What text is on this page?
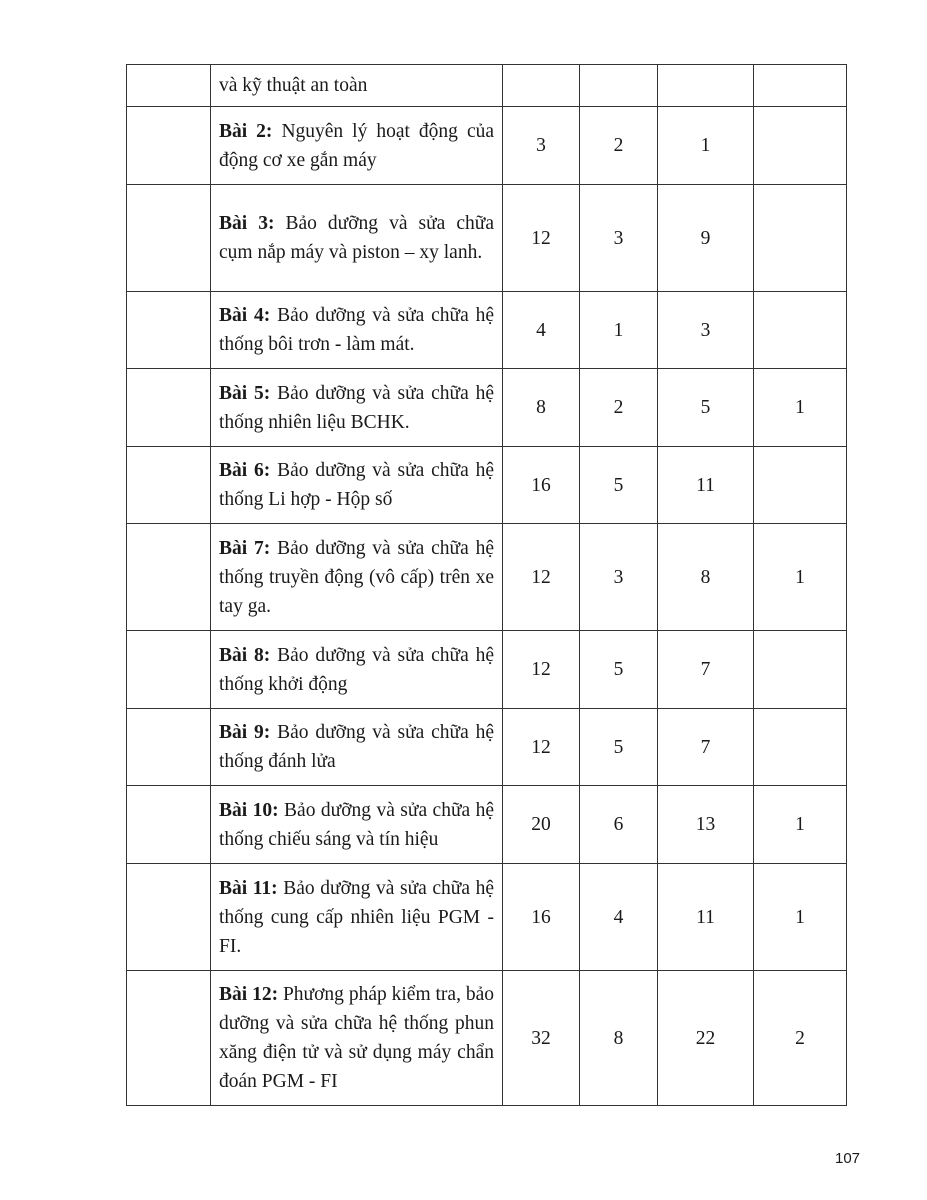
	và kỹ thuật an toàn				

	Bài 2: Nguyên lý hoạt động của động cơ xe gắn máy	3	2	1	

	Bài 3: Bảo dưỡng và sửa chữa cụm nắp máy và piston – xy lanh.	12	3	9	

	Bài 4: Bảo dưỡng và sửa chữa hệ thống bôi trơn - làm mát.	4	1	3	

	Bài 5: Bảo dưỡng và sửa chữa hệ thống nhiên liệu BCHK.	8	2	5	1

	Bài 6: Bảo dưỡng và sửa chữa hệ thống Li hợp - Hộp số	16	5	11	

	Bài 7: Bảo dưỡng và sửa chữa hệ thống truyền động (vô cấp) trên xe tay ga.	12	3	8	1

	Bài 8: Bảo dưỡng và sửa chữa hệ thống khởi động	12	5	7	

	Bài 9: Bảo dưỡng và sửa chữa hệ thống đánh lửa	12	5	7	

	Bài 10: Bảo dưỡng và sửa chữa hệ thống chiếu sáng và tín hiệu	20	6	13	1

	Bài 11: Bảo dưỡng và sửa chữa hệ thống cung cấp nhiên liệu PGM - FI.	16	4	11	1

	Bài 12: Phương pháp kiểm tra, bảo dưỡng và sửa chữa hệ thống phun xăng điện tử và sử dụng máy chẩn đoán PGM - FI	32	8	22	2
107
